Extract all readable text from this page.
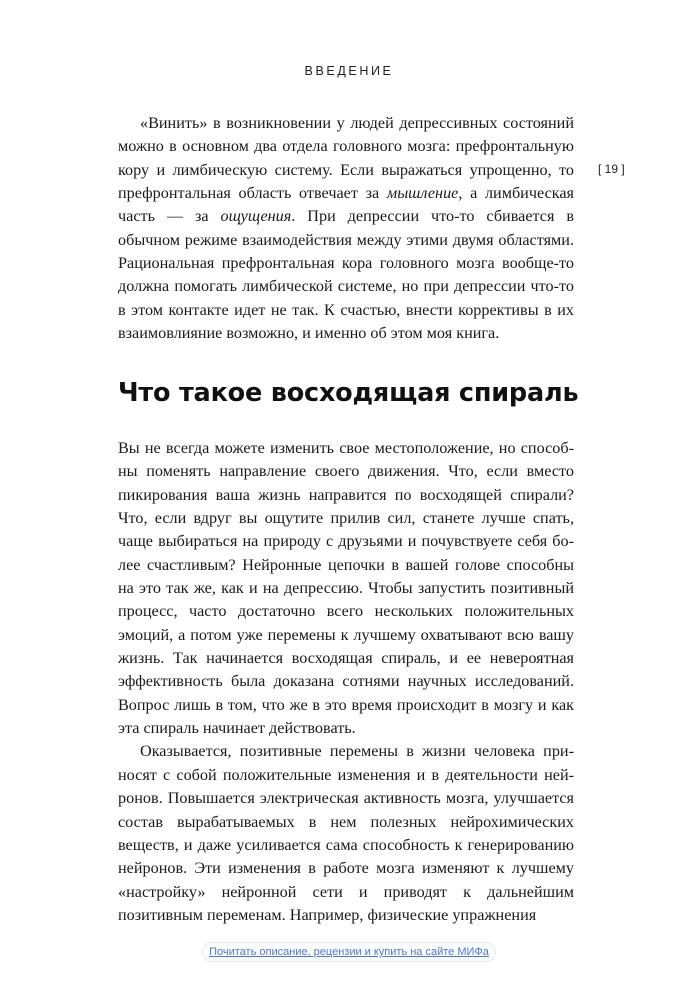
ВВЕДЕНИЕ
[ 19 ]

«Винить» в возникновении у людей депрессивных состояний можно в основном два отдела головного мозга: префронтальную кору и лимбическую систему. Если выражаться упрощенно, то префронтальная область отвечает за мышление, а лимбическая часть — за ощущения. При депрессии что-то сбивается в обычном режиме взаимодействия между этими двумя областями. Рациональная префронтальная кора головного мозга вообще-то должна помогать лимбической системе, но при депрессии что-то в этом контакте идет не так. К счастью, внести коррективы в их взаимовлияние возможно, и именно об этом моя книга.

Что такое восходящая спираль

Вы не всегда можете изменить свое местоположение, но способны поменять направление своего движения. Что, если вместо пикирования ваша жизнь направится по восходящей спирали? Что, если вдруг вы ощутите прилив сил, станете лучше спать, чаще выбираться на природу с друзьями и почувствуете себя более счастливым? Нейронные цепочки в вашей голове способны на это так же, как и на депрессию. Чтобы запустить позитивный процесс, часто достаточно всего нескольких положительных эмоций, а потом уже перемены к лучшему охватывают всю вашу жизнь. Так начинается восходящая спираль, и ее невероятная эффективность была доказана сотнями научных исследований. Вопрос лишь в том, что же в это время происходит в мозгу и как эта спираль начинает действовать.

Оказывается, позитивные перемены в жизни человека приносят с собой положительные изменения и в деятельности нейронов. Повышается электрическая активность мозга, улучшается состав вырабатываемых в нем полезных нейрохимических веществ, и даже усиливается сама способность к генерированию нейронов. Эти изменения в работе мозга изменяют к лучшему «настройку» нейронной сети и приводят к дальнейшим позитивным переменам. Например, физические упражнения

Почитать описание, рецензии и купить на сайте МИФа
